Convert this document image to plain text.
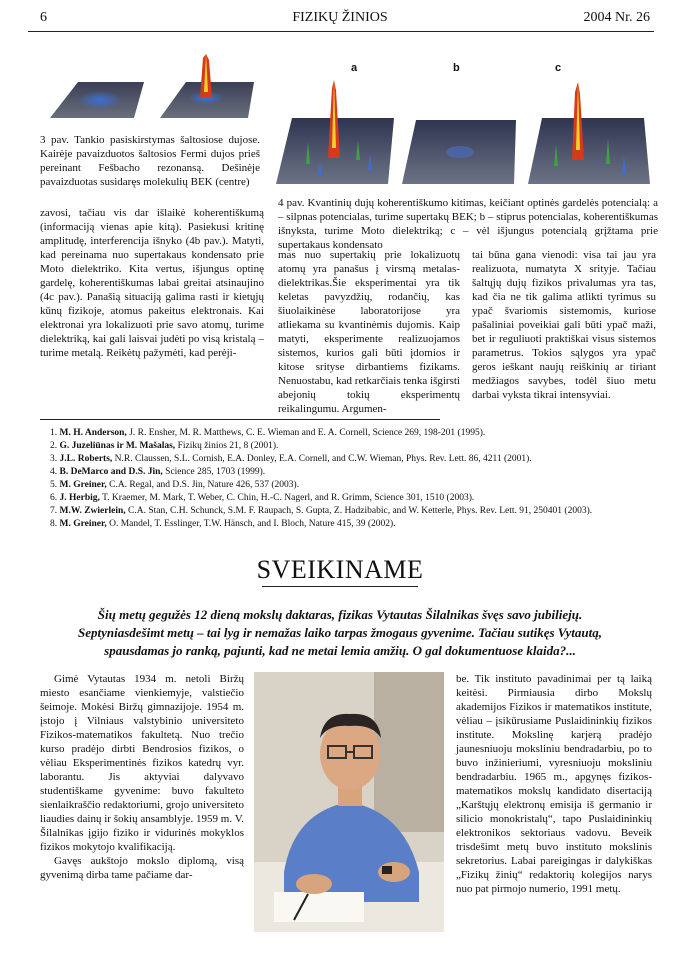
6	FIZIKŲ ŽINIOS	2004 Nr. 26
3 pav. Tankio pasiskirstymas šaltosiose dujose. Kairėje pavaizduotos šaltosios Fermi dujos prieš pereinant Fešbacho rezonansą. Dešinėje pavaizduotas susidaręs molekulių BEK (centre)
a	b	c
4 pav. Kvantinių dujų koherentiškumo kitimas, keičiant optinės gardelės potencialą: a – silpnas potencialas, turime supertakų BEK; b – stiprus potencialas, koherentiškumas išnyksta, turime Moto dielektriką; c – vėl išjungus potencialą grįžtama prie supertakaus kondensato
zavosi, tačiau vis dar išlaikė koherentiškumą (informaciją vienas apie kitą). Pasiekusi kritinę amplitudę, interferencija išnyko (4b pav.). Matyti, kad pereinama nuo supertakaus kondensato prie Moto dielektriko. Kita vertus, išjungus optinę gardelę, koherentiškumas labai greitai atsinaujino (4c pav.). Panašią situaciją galima rasti ir kietųjų kūnų fizikoje, atomus pakeitus elektronais. Kai elektronai yra lokalizuoti prie savo atomų, turime dielektriką, kai gali laisvai judėti po visą kristalą – turime metalą. Reikėtų pažymėti, kad perėji-
mas nuo supertakių prie lokalizuotų atomų yra panašus į virsmą metalas-dielektrikas.Šie eksperimentai yra tik keletas pavyzdžių, rodančių, kas šiuolaikinėse laboratorijose yra atliekama su kvantinėmis dujomis. Kaip matyti, eksperimente realizuojamos sistemos, kurios gali būti įdomios ir kitose srityse dirbantiems fizikams. Nenuostabu, kad retkarčiais tenka išgirsti abejonių tokių eksperimentų reikalingumu. Argumen-
tai būna gana vienodi: visa tai jau yra realizuota, numatyta X srityje. Tačiau šaltųjų dujų fizikos privalumas yra tas, kad čia ne tik galima atlikti tyrimus su ypač švariomis sistemomis, kuriose pašaliniai poveikiai gali būti ypač maži, bet ir reguliuoti praktiškai visus sistemos parametrus. Tokios sąlygos yra ypač geros ieškant naujų reiškinių ar tiriant medžiagos savybes, todėl šiuo metu darbai vyksta tikrai intensyviai.
1. M. H. Anderson, J. R. Ensher, M. R. Matthews, C. E. Wieman and E. A. Cornell, Science 269, 198-201 (1995).
2. G. Juzeliūnas ir M. Mašalas, Fizikų žinios 21, 8 (2001).
3. J.L. Roberts, N.R. Claussen, S.L. Cornish, E.A. Donley, E.A. Cornell, and C.W. Wieman, Phys. Rev. Lett. 86, 4211 (2001).
4. B. DeMarco and D.S. Jin, Science 285, 1703 (1999).
5. M. Greiner, C.A. Regal, and D.S. Jin, Nature 426, 537 (2003).
6. J. Herbig, T. Kraemer, M. Mark, T. Weber, C. Chin, H.-C. Nagerl, and R. Grimm, Science 301, 1510 (2003).
7. M.W. Zwierlein, C.A. Stan, C.H. Schunck, S.M. F. Raupach, S. Gupta, Z. Hadzibabic, and W. Ketterle, Phys. Rev. Lett. 91, 250401 (2003).
8. M. Greiner, O. Mandel, T. Esslinger, T.W. Hänsch, and I. Bloch, Nature 415, 39 (2002).
SVEIKINAME
Šių metų gegužės 12 dieną mokslų daktaras, fizikas Vytautas Šilalnikas švęs savo jubiliejų. Septyniasdešimt metų – tai lyg ir nemažas laiko tarpas žmogaus gyvenime. Tačiau sutikęs Vytautą, spausdamas jo ranką, pajunti, kad ne metai lemia amžių. O gal dokumentuose klaida?...

Gimė Vytautas 1934 m. netoli Biržų miesto esančiame vienkiemyje, valstiečio šeimoje. Mokėsi Biržų gimnazijoje. 1954 m. įstojo į Vilniaus valstybinio universiteto Fizikos-matematikos fakultetą. Nuo trečio kurso pradėjo dirbti Bendrosios fizikos, o vėliau Eksperimentinės fizikos katedrų vyr. laborantu. Jis aktyviai dalyvavo studentiškame gyvenime: buvo fakulteto sienlaikraščio redaktoriumi, grojo universiteto liaudies dainų ir šokių ansamblyje. 1959 m. V. Šilalnikas įgijo fiziko ir vidurinės mokyklos fizikos mokytojo kvalifikaciją.

Gavęs aukštojo mokslo diplomą, visą gyvenimą dirba tame pačiame dar-

be. Tik instituto pavadinimai per tą laiką keitėsi. Pirmiausia dirbo Mokslų akademijos Fizikos ir matematikos institute, vėliau – įsikūrusiame Puslaidininkių fizikos institute. Mokslinę karjerą pradėjo jaunesniuoju moksliniu bendradarbiu, po to buvo inžinieriumi, vyresniuoju moksliniu bendradarbiu. 1965 m., apgynęs fizikos-matematikos mokslų kandidato disertaciją „Karštųjų elektronų emisija iš germanio ir silicio monokristalų“, tapo Puslaidininkių elektronikos sektoriaus vadovu. Beveik trisdešimt metų buvo instituto mokslinis sekretorius. Labai pareigingas ir dalykiškas „Fizikų žinių“ redaktorių kolegijos narys nuo pat pirmojo numerio, 1991 metų.
